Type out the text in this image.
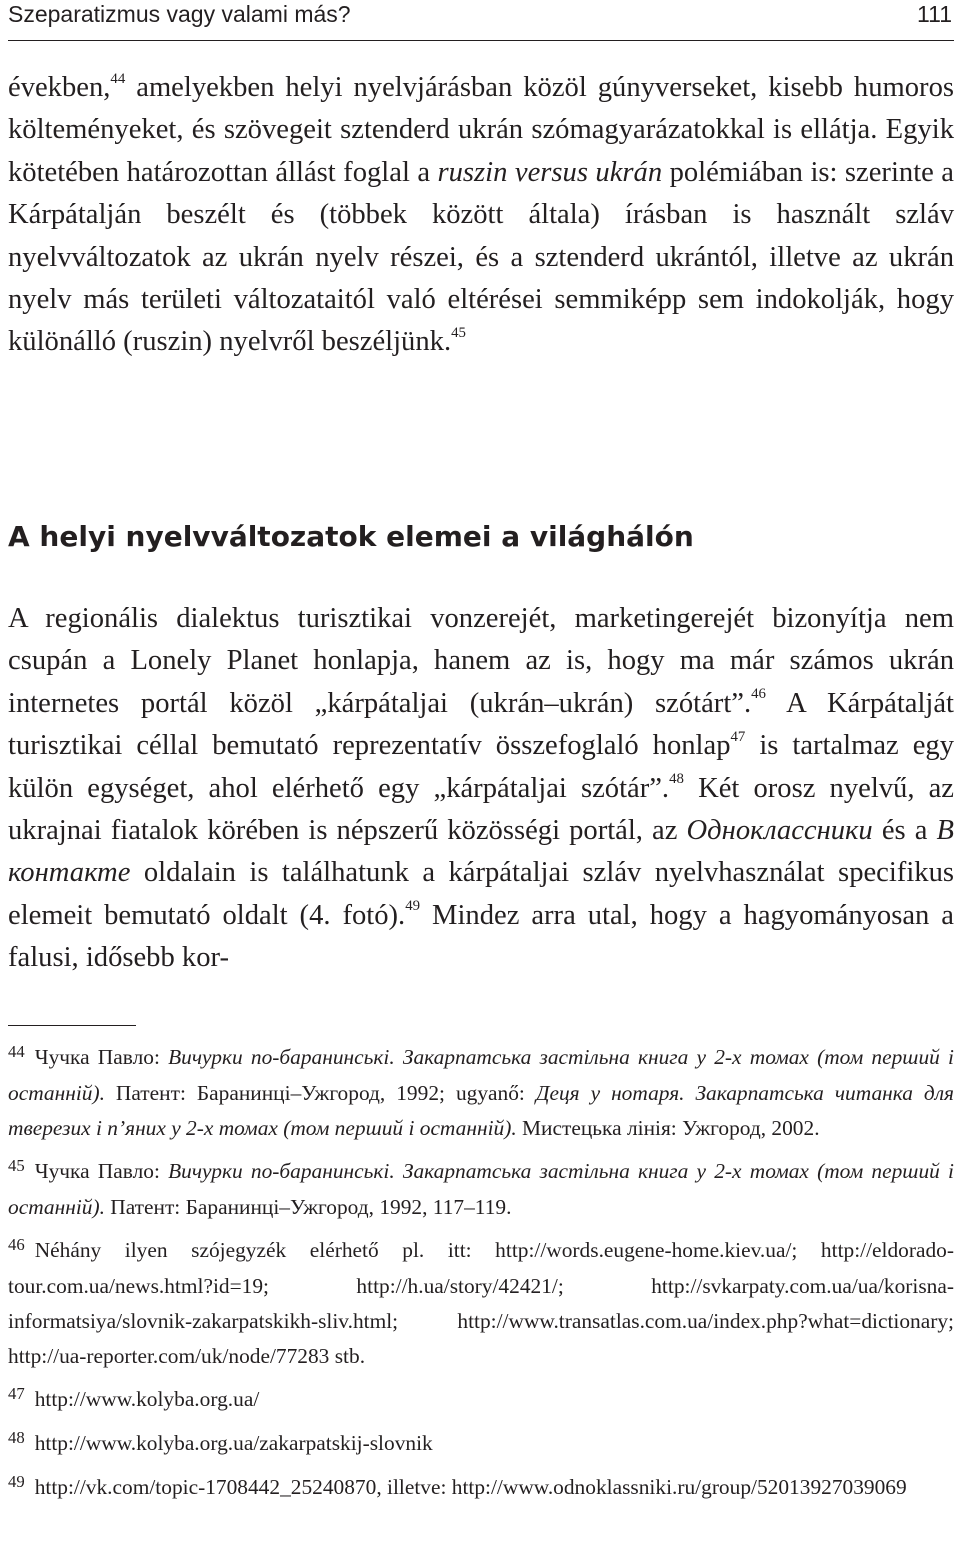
Szeparatizmus vagy valami más?	111

években,$^{44}$ amelyekben helyi nyelvjárásban közöl gúnyverseket, kisebb humoros költeményeket, és szövegeit sztenderd ukrán szómagyarázatokkal is ellátja. Egyik kötetében határozottan állást foglal a ruszin versus ukrán polémiában is: szerinte a Kárpátalján beszélt és (többek között általa) írásban is használt szláv nyelvváltozatok az ukrán nyelv részei, és a sztenderd ukrántól, illetve az ukrán nyelv más területi változataitól való eltérései semmiképp sem indokolják, hogy különálló (ruszin) nyelvről beszéljünk.$^{45}$

A helyi nyelvváltozatok elemei a világhálón

A regionális dialektus turisztikai vonzerejét, marketingerejét bizonyítja nem csupán a Lonely Planet honlapja, hanem az is, hogy ma már számos ukrán internetes portál közöl „kárpátaljai (ukrán–ukrán) szótárt”.$^{46}$ A Kárpátalját turisztikai céllal bemutató reprezentatív összefoglaló honlap$^{47}$ is tartalmaz egy külön egységet, ahol elérhető egy „kárpátaljai szótár”.$^{48}$ Két orosz nyelvű, az ukrajnai fiatalok körében is népszerű közösségi portál, az Одноклассники és a В контакте oldalain is találhatunk a kárpátaljai szláv nyelvhasználat specifikus elemeit bemutató oldalt (4. fotó).$^{49}$ Mindez arra utal, hogy a hagyományosan a falusi, idősebb kor-

$^{44}$ Чучка Павло: Вичурки по-баранинські. Закарпатська застільна книга у 2-х томах (том перший і останній). Патент: Баранинці–Ужгород, 1992; ugyanő: Деця у нотаря. Закарпатська читанка для тверезих і п’яних у 2-х томах (том перший і останній). Мистецька лінія: Ужгород, 2002.

$^{45}$ Чучка Павло: Вичурки по-баранинські. Закарпатська застільна книга у 2-х томах (том перший і останній). Патент: Баранинці–Ужгород, 1992, 117–119.

$^{46}$ Néhány ilyen szójegyzék elérhető pl. itt: http://words.eugene-home.kiev.ua/; http://​eldorado-tour.com.ua/news.html?id=19; http://h.ua/story/42421/; http://svkarpaty.​com.ua/ua/korisna-informatsiya/slovnik-zakarpatskikh-sliv.html; http://www.transatlas.com.ua/index.php?what=dictionary; http://ua-reporter.com/uk/node/77283 stb.

$^{47}$ http://www.kolyba.org.ua/

$^{48}$ http://www.kolyba.org.ua/zakarpatskij-slovnik

$^{49}$ http://vk.com/topic-1708442_25240870, illetve: http://www.odnoklassniki.ru/​group/52013927039069
